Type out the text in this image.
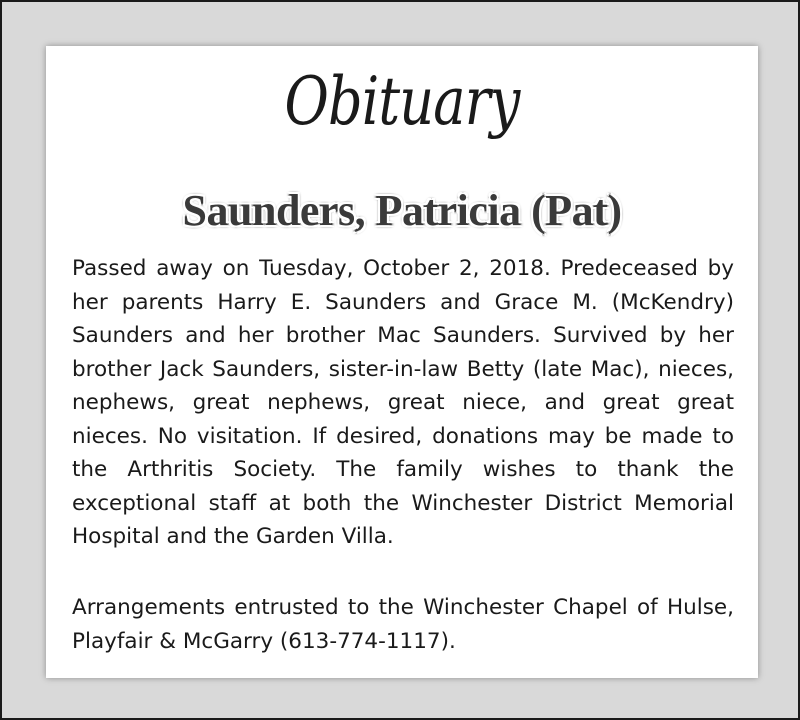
Obituary
Saunders, Patricia (Pat)

Passed away on Tuesday, October 2, 2018. Predeceased by her parents Harry E. Saunders and Grace M. (McKendry) Saunders and her brother Mac Saunders. Survived by her brother Jack Saunders, sister-in-law Betty (late Mac), nieces, nephews, great nephews, great niece, and great great nieces. No visitation. If desired, donations may be made to the Arthritis Society. The family wishes to thank the exceptional staff at both the Winchester District Memorial Hospital and the Garden Villa.

Arrangements entrusted to the Winchester Chapel of Hulse, Playfair & McGarry (613-774-1117).
